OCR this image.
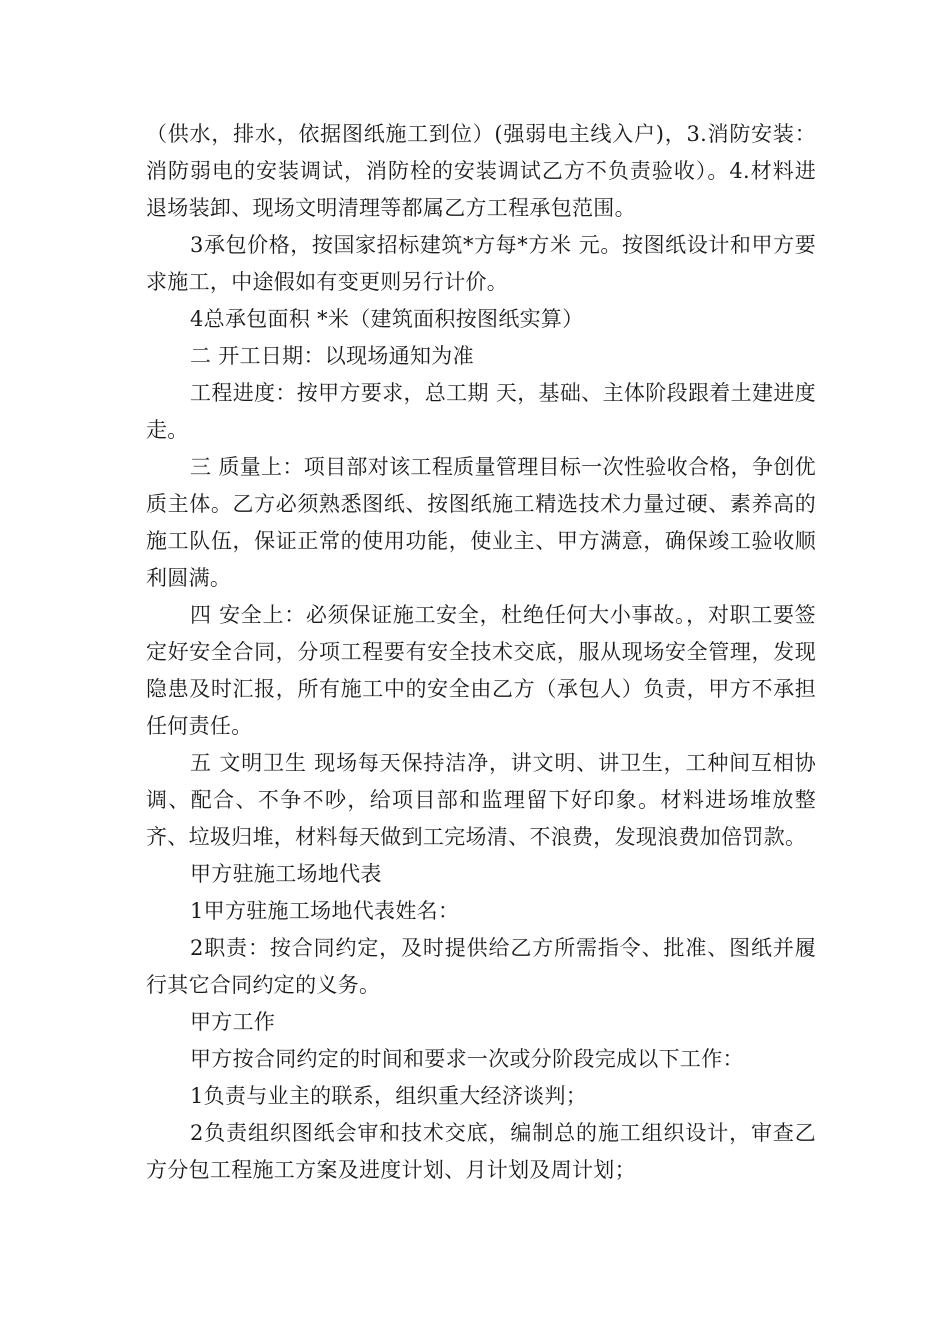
（供水，排水，依据图纸施工到位）(强弱电主线入户)，3.消防安装：消防弱电的安装调试，消防栓的安装调试乙方不负责验收）。4.材料进退场装卸、现场文明清理等都属乙方工程承包范围。

3承包价格，按国家招标建筑*方每*方米 元。按图纸设计和甲方要求施工，中途假如有变更则另行计价。

4总承包面积 *米（建筑面积按图纸实算）

二 开工日期：以现场通知为准

工程进度：按甲方要求，总工期 天，基础、主体阶段跟着土建进度走。

三 质量上：项目部对该工程质量管理目标一次性验收合格，争创优质主体。乙方必须熟悉图纸、按图纸施工精选技术力量过硬、素养高的施工队伍，保证正常的使用功能，使业主、甲方满意，确保竣工验收顺利圆满。

四 安全上：必须保证施工安全，杜绝任何大小事故。，对职工要签定好安全合同，分项工程要有安全技术交底，服从现场安全管理，发现隐患及时汇报，所有施工中的安全由乙方（承包人）负责，甲方不承担任何责任。

五 文明卫生 现场每天保持洁净，讲文明、讲卫生，工种间互相协调、配合、不争不吵，给项目部和监理留下好印象。材料进场堆放整齐、垃圾归堆，材料每天做到工完场清、不浪费，发现浪费加倍罚款。

甲方驻施工场地代表

1甲方驻施工场地代表姓名：

2职责：按合同约定，及时提供给乙方所需指令、批准、图纸并履行其它合同约定的义务。

甲方工作

甲方按合同约定的时间和要求一次或分阶段完成以下工作：

1负责与业主的联系，组织重大经济谈判；

2负责组织图纸会审和技术交底，编制总的施工组织设计，审查乙方分包工程施工方案及进度计划、月计划及周计划；
